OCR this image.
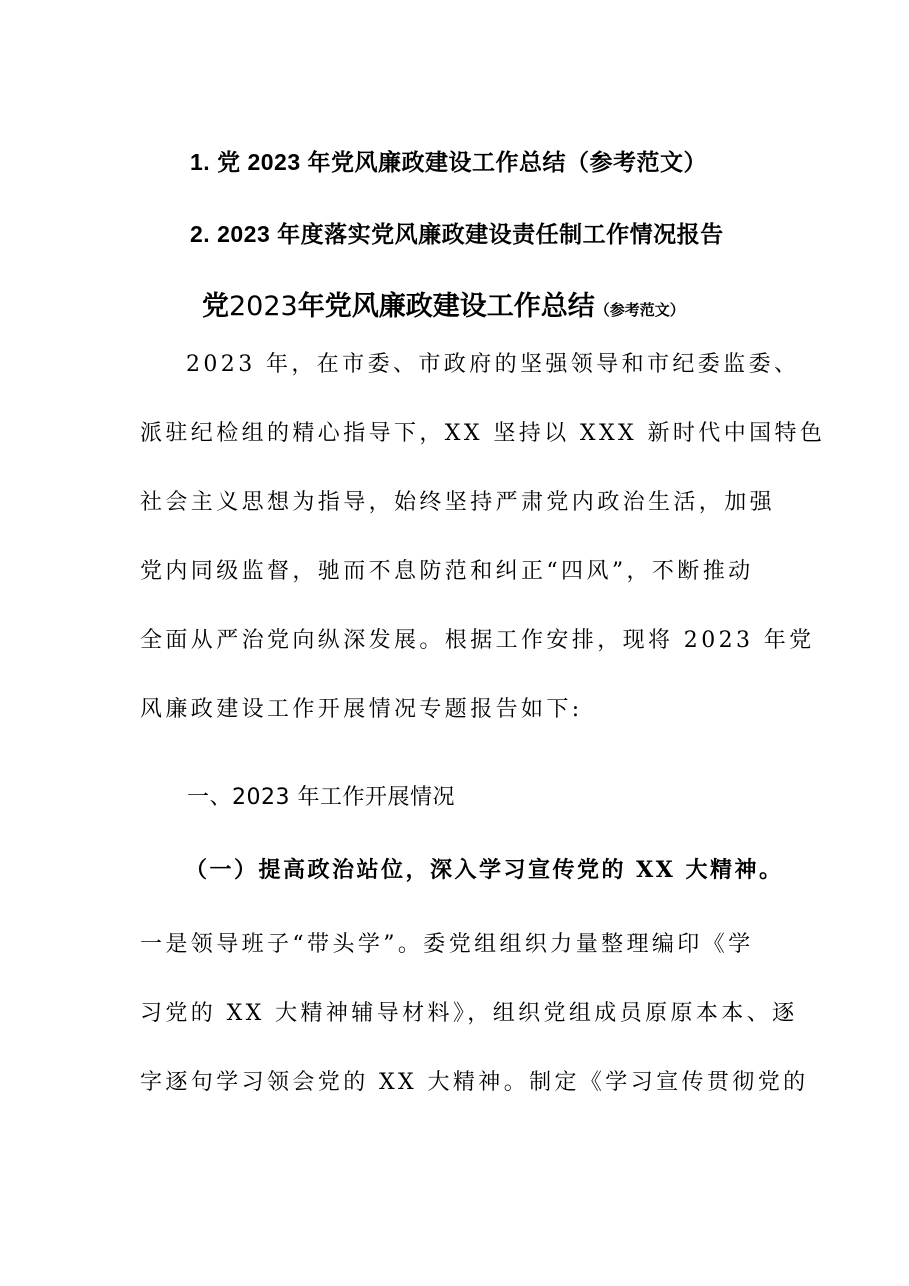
1. 党 2023 年党风廉政建设工作总结（参考范文）
2. 2023 年度落实党风廉政建设责任制工作情况报告
党2023年党风廉政建设工作总结（参考范文）
2023 年，在市委、市政府的坚强领导和市纪委监委、
派驻纪检组的精心指导下，XX 坚持以 XXX 新时代中国特色
社会主义思想为指导，始终坚持严肃党内政治生活，加强
党内同级监督，驰而不息防范和纠正“四风”，不断推动
全面从严治党向纵深发展。根据工作安排，现将 2023 年党
风廉政建设工作开展情况专题报告如下:
一、2023 年工作开展情况
（一）提高政治站位，深入学习宣传党的 XX 大精神。
一是领导班子“带头学”。委党组组织力量整理编印《学
习党的 XX 大精神辅导材料》，组织党组成员原原本本、逐
字逐句学习领会党的 XX 大精神。制定《学习宣传贯彻党的
